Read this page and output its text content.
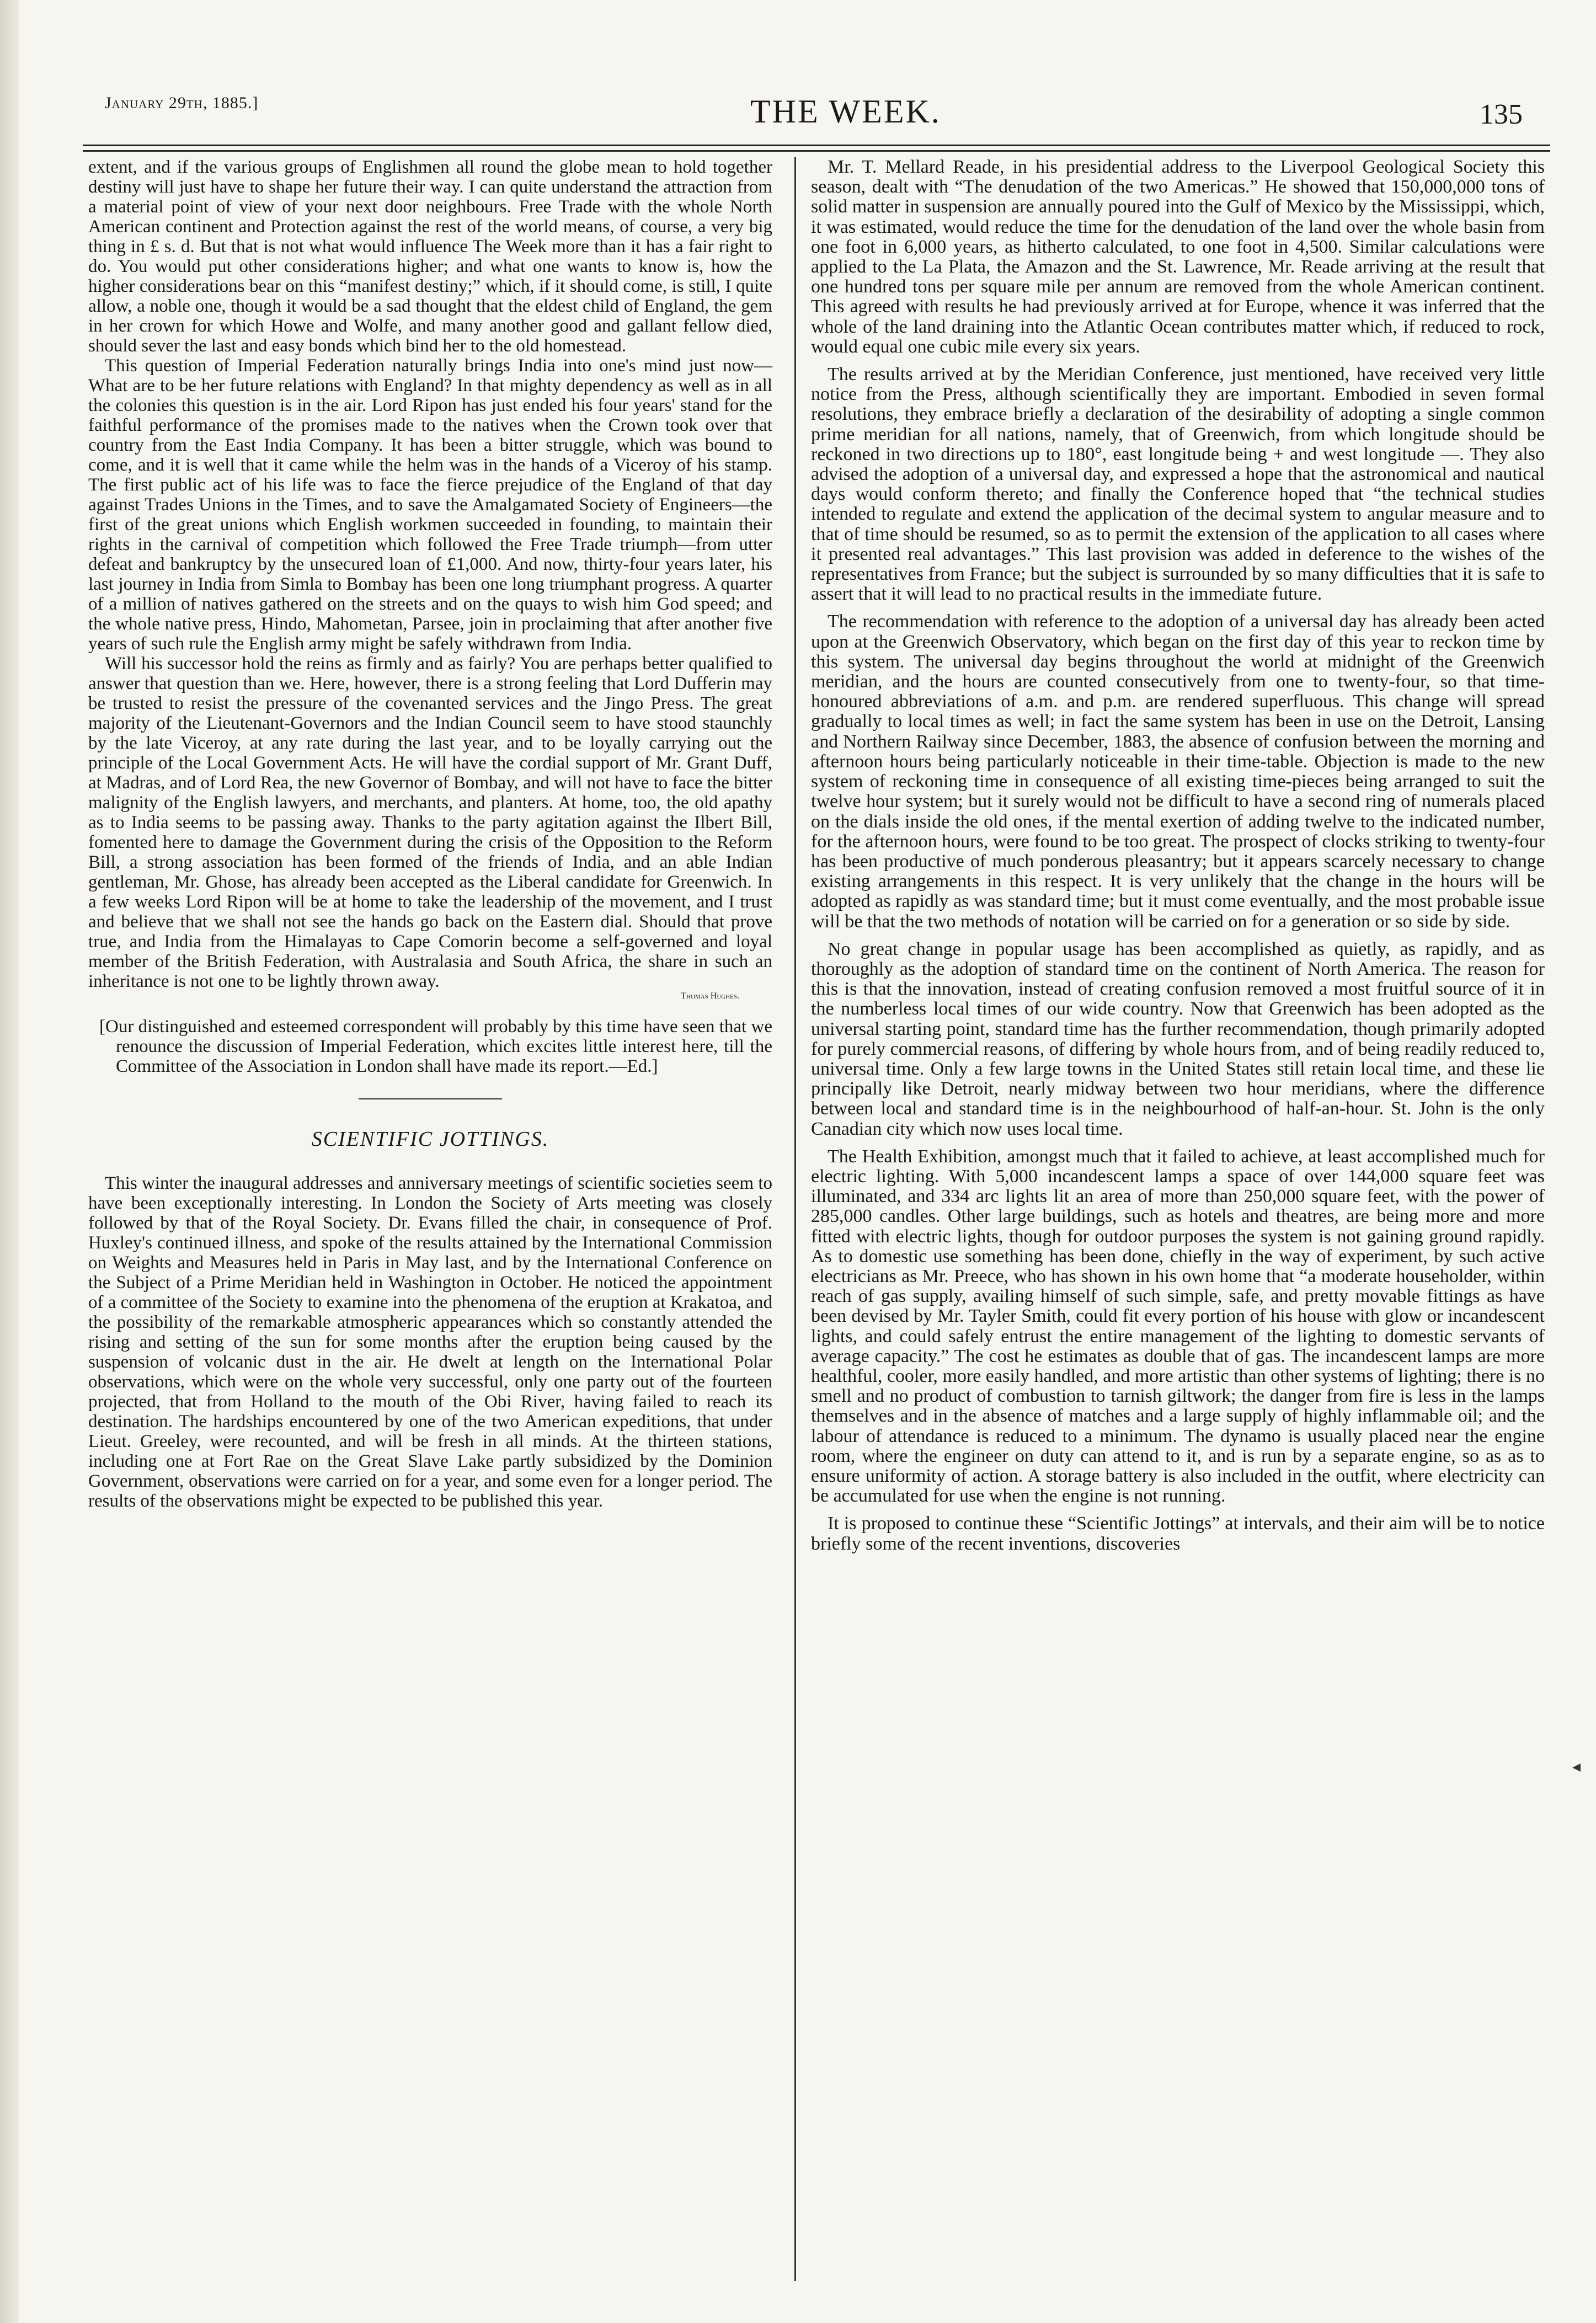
January 29th, 1885.]	THE WEEK.	135

extent, and if the various groups of Englishmen all round the globe mean to hold together destiny will just have to shape her future their way. I can quite understand the attraction from a material point of view of your next door neighbours. Free Trade with the whole North American continent and Protection against the rest of the world means, of course, a very big thing in £ s. d. But that is not what would influence The Week more than it has a fair right to do. You would put other considerations higher; and what one wants to know is, how the higher considerations bear on this “manifest destiny;” which, if it should come, is still, I quite allow, a noble one, though it would be a sad thought that the eldest child of England, the gem in her crown for which Howe and Wolfe, and many another good and gallant fellow died, should sever the last and easy bonds which bind her to the old homestead.

This question of Imperial Federation naturally brings India into one's mind just now—What are to be her future relations with England? In that mighty dependency as well as in all the colonies this question is in the air. Lord Ripon has just ended his four years' stand for the faithful performance of the promises made to the natives when the Crown took over that country from the East India Company. It has been a bitter struggle, which was bound to come, and it is well that it came while the helm was in the hands of a Viceroy of his stamp. The first public act of his life was to face the fierce prejudice of the England of that day against Trades Unions in the Times, and to save the Amalgamated Society of Engineers—the first of the great unions which English workmen succeeded in founding, to maintain their rights in the carnival of competition which followed the Free Trade triumph—from utter defeat and bankruptcy by the unsecured loan of £1,000. And now, thirty-four years later, his last journey in India from Simla to Bombay has been one long triumphant progress. A quarter of a million of natives gathered on the streets and on the quays to wish him God speed; and the whole native press, Hindo, Mahometan, Parsee, join in proclaiming that after another five years of such rule the English army might be safely withdrawn from India.

Will his successor hold the reins as firmly and as fairly? You are perhaps better qualified to answer that question than we. Here, however, there is a strong feeling that Lord Dufferin may be trusted to resist the pressure of the covenanted services and the Jingo Press. The great majority of the Lieutenant-Governors and the Indian Council seem to have stood staunchly by the late Viceroy, at any rate during the last year, and to be loyally carrying out the principle of the Local Government Acts. He will have the cordial support of Mr. Grant Duff, at Madras, and of Lord Rea, the new Governor of Bombay, and will not have to face the bitter malignity of the English lawyers, and merchants, and planters. At home, too, the old apathy as to India seems to be passing away. Thanks to the party agitation against the Ilbert Bill, fomented here to damage the Government during the crisis of the Opposition to the Reform Bill, a strong association has been formed of the friends of India, and an able Indian gentleman, Mr. Ghose, has already been accepted as the Liberal candidate for Greenwich. In a few weeks Lord Ripon will be at home to take the leadership of the movement, and I trust and believe that we shall not see the hands go back on the Eastern dial. Should that prove true, and India from the Himalayas to Cape Comorin become a self-governed and loyal member of the British Federation, with Australasia and South Africa, the share in such an inheritance is not one to be lightly thrown away.

Thomas Hughes.

[Our distinguished and esteemed correspondent will probably by this time have seen that we renounce the discussion of Imperial Federation, which excites little interest here, till the Committee of the Association in London shall have made its report.—Ed.]

SCIENTIFIC JOTTINGS.

This winter the inaugural addresses and anniversary meetings of scientific societies seem to have been exceptionally interesting. In London the Society of Arts meeting was closely followed by that of the Royal Society. Dr. Evans filled the chair, in consequence of Prof. Huxley's continued illness, and spoke of the results attained by the International Commission on Weights and Measures held in Paris in May last, and by the International Conference on the Subject of a Prime Meridian held in Washington in October. He noticed the appointment of a committee of the Society to examine into the phenomena of the eruption at Krakatoa, and the possibility of the remarkable atmospheric appearances which so constantly attended the rising and setting of the sun for some months after the eruption being caused by the suspension of volcanic dust in the air. He dwelt at length on the International Polar observations, which were on the whole very successful, only one party out of the fourteen projected, that from Holland to the mouth of the Obi River, having failed to reach its destination. The hardships encountered by one of the two American expeditions, that under Lieut. Greeley, were recounted, and will be fresh in all minds. At the thirteen stations, including one at Fort Rae on the Great Slave Lake partly subsidized by the Dominion Government, observations were carried on for a year, and some even for a longer period. The results of the observations might be expected to be published this year.

Mr. T. Mellard Reade, in his presidential address to the Liverpool Geological Society this season, dealt with “The denudation of the two Americas.” He showed that 150,000,000 tons of solid matter in suspension are annually poured into the Gulf of Mexico by the Mississippi, which, it was estimated, would reduce the time for the denudation of the land over the whole basin from one foot in 6,000 years, as hitherto calculated, to one foot in 4,500. Similar calculations were applied to the La Plata, the Amazon and the St. Lawrence, Mr. Reade arriving at the result that one hundred tons per square mile per annum are removed from the whole American continent. This agreed with results he had previously arrived at for Europe, whence it was inferred that the whole of the land draining into the Atlantic Ocean contributes matter which, if reduced to rock, would equal one cubic mile every six years.

The results arrived at by the Meridian Conference, just mentioned, have received very little notice from the Press, although scientifically they are important. Embodied in seven formal resolutions, they embrace briefly a declaration of the desirability of adopting a single common prime meridian for all nations, namely, that of Greenwich, from which longitude should be reckoned in two directions up to 180°, east longitude being + and west longitude —. They also advised the adoption of a universal day, and expressed a hope that the astronomical and nautical days would conform thereto; and finally the Conference hoped that “the technical studies intended to regulate and extend the application of the decimal system to angular measure and to that of time should be resumed, so as to permit the extension of the application to all cases where it presented real advantages.” This last provision was added in deference to the wishes of the representatives from France; but the subject is surrounded by so many difficulties that it is safe to assert that it will lead to no practical results in the immediate future.

The recommendation with reference to the adoption of a universal day has already been acted upon at the Greenwich Observatory, which began on the first day of this year to reckon time by this system. The universal day begins throughout the world at midnight of the Greenwich meridian, and the hours are counted consecutively from one to twenty-four, so that time-honoured abbreviations of a.m. and p.m. are rendered superfluous. This change will spread gradually to local times as well; in fact the same system has been in use on the Detroit, Lansing and Northern Railway since December, 1883, the absence of confusion between the morning and afternoon hours being particularly noticeable in their time-table. Objection is made to the new system of reckoning time in consequence of all existing time-pieces being arranged to suit the twelve hour system; but it surely would not be difficult to have a second ring of numerals placed on the dials inside the old ones, if the mental exertion of adding twelve to the indicated number, for the afternoon hours, were found to be too great. The prospect of clocks striking to twenty-four has been productive of much ponderous pleasantry; but it appears scarcely necessary to change existing arrangements in this respect. It is very unlikely that the change in the hours will be adopted as rapidly as was standard time; but it must come eventually, and the most probable issue will be that the two methods of notation will be carried on for a generation or so side by side.

No great change in popular usage has been accomplished as quietly, as rapidly, and as thoroughly as the adoption of standard time on the continent of North America. The reason for this is that the innovation, instead of creating confusion removed a most fruitful source of it in the numberless local times of our wide country. Now that Greenwich has been adopted as the universal starting point, standard time has the further recommendation, though primarily adopted for purely commercial reasons, of differing by whole hours from, and of being readily reduced to, universal time. Only a few large towns in the United States still retain local time, and these lie principally like Detroit, nearly midway between two hour meridians, where the difference between local and standard time is in the neighbourhood of half-an-hour. St. John is the only Canadian city which now uses local time.

The Health Exhibition, amongst much that it failed to achieve, at least accomplished much for electric lighting. With 5,000 incandescent lamps a space of over 144,000 square feet was illuminated, and 334 arc lights lit an area of more than 250,000 square feet, with the power of 285,000 candles. Other large buildings, such as hotels and theatres, are being more and more fitted with electric lights, though for outdoor purposes the system is not gaining ground rapidly. As to domestic use something has been done, chiefly in the way of experiment, by such active electricians as Mr. Preece, who has shown in his own home that “a moderate householder, within reach of gas supply, availing himself of such simple, safe, and pretty movable fittings as have been devised by Mr. Tayler Smith, could fit every portion of his house with glow or incandescent lights, and could safely entrust the entire management of the lighting to domestic servants of average capacity.” The cost he estimates as double that of gas. The incandescent lamps are more healthful, cooler, more easily handled, and more artistic than other systems of lighting; there is no smell and no product of combustion to tarnish giltwork; the danger from fire is less in the lamps themselves and in the absence of matches and a large supply of highly inflammable oil; and the labour of attendance is reduced to a minimum. The dynamo is usually placed near the engine room, where the engineer on duty can attend to it, and is run by a separate engine, so as as to ensure uniformity of action. A storage battery is also included in the outfit, where electricity can be accumulated for use when the engine is not running.

It is proposed to continue these “Scientific Jottings” at intervals, and their aim will be to notice briefly some of the recent inventions, discoveries

◂
